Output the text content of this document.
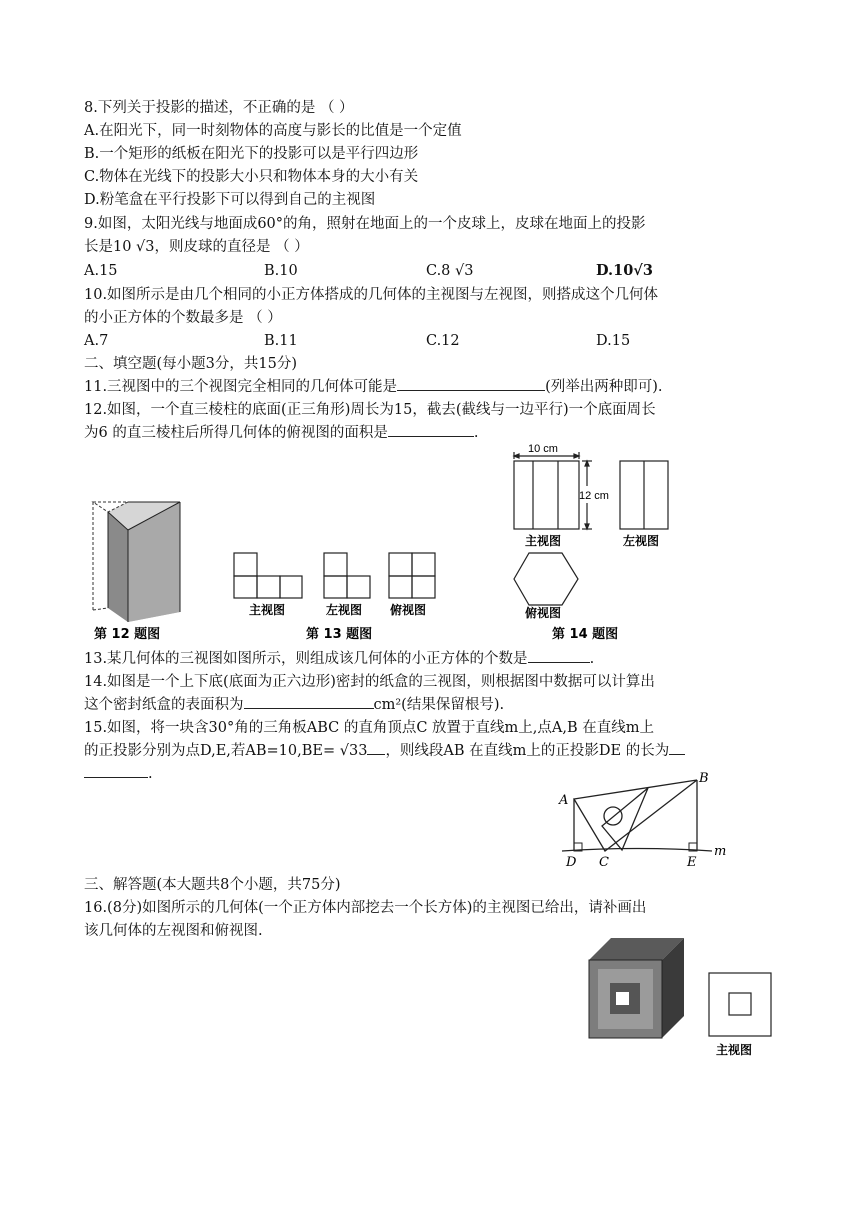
8.下列关于投影的描述，不正确的是 （ ）
A.在阳光下，同一时刻物体的高度与影长的比值是一个定值
B.一个矩形的纸板在阳光下的投影可以是平行四边形
C.物体在光线下的投影大小只和物体本身的大小有关
D.粉笔盒在平行投影下可以得到自己的主视图
9.如图，太阳光线与地面成60°的角，照射在地面上的一个皮球上，皮球在地面上的投影
长是10 √3，则皮球的直径是 （ ）
A.15	B.10	C.8 √3	D.10√3
10.如图所示是由几个相同的小正方体搭成的几何体的主视图与左视图，则搭成这个几何体
的小正方体的个数最多是 （ ）
A.7	B.11	C.12	D.15
二、填空题(每小题3分，共15分)
11.三视图中的三个视图完全相同的几何体可能是	(列举出两种即可).
12.如图，一个直三棱柱的底面(正三角形)周长为15，截去(截线与一边平行)一个底面周长
为6 的直三棱柱后所得几何体的俯视图的面积是	.
第 12 题图
主视图	左视图 俯视图
第 13 题图
10 cm
12 cm
主视图	左视图
俯视图
第 14 题图
A
B
C
D	E
m
主视图
13.某几何体的三视图如图所示，则组成该几何体的小正方体的个数是	.
14.如图是一个上下底(底面为正六边形)密封的纸盒的三视图，则根据图中数据可以计算出
这个密封纸盒的表面积为	cm²(结果保留根号).
15.如图，将一块含30°角的三角板ABC 的直角顶点C 放置于直线m上,点A,B 在直线m上
的正投影分别为点D,E,若AB=10,BE= √33 ，则线段AB 在直线m上的正投影DE 的长为
.
三、解答题(本大题共8个小题，共75分)
16.(8分)如图所示的几何体(一个正方体内部挖去一个长方体)的主视图已给出，请补画出
该几何体的左视图和俯视图.
